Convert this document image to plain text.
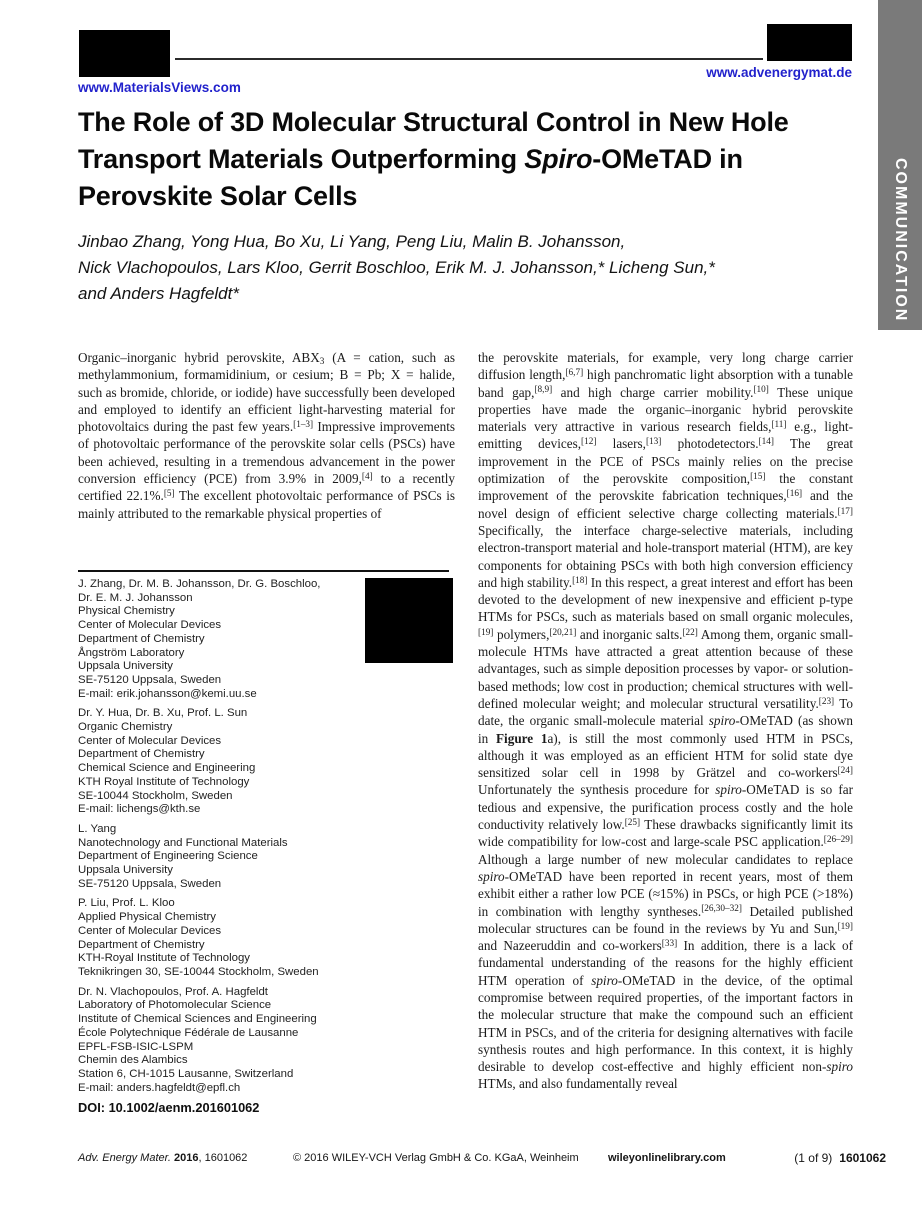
COMMUNICATION
www.MaterialsViews.com
www.advenergymat.de
The Role of 3D Molecular Structural Control in New Hole
Transport Materials Outperforming Spiro-OMeTAD in
Perovskite Solar Cells
Jinbao Zhang, Yong Hua, Bo Xu, Li Yang, Peng Liu, Malin B. Johansson,
Nick Vlachopoulos, Lars Kloo, Gerrit Boschloo, Erik M. J. Johansson,* Licheng Sun,*
and Anders Hagfeldt*
Organic–inorganic hybrid perovskite, $ABX_3$ (A = cation, such as methylammonium, formamidinium, or cesium; B = Pb; X = halide, such as bromide, chloride, or iodide) have successfully been developed and employed to identify an efficient light-harvesting material for photovoltaics during the past few years.[1–3] Impressive improvements of photovoltaic performance of the perovskite solar cells (PSCs) have been achieved, resulting in a tremendous advancement in the power conversion efficiency (PCE) from 3.9% in 2009,[4] to a recently certified 22.1%.[5] The excellent photovoltaic performance of PSCs is mainly attributed to the remarkable physical properties of
the perovskite materials, for example, very long charge carrier diffusion length,[6,7] high panchromatic light absorption with a tunable band gap,[8,9] and high charge carrier mobility.[10] These unique properties have made the organic–inorganic hybrid perovskite materials very attractive in various research fields,[11] e.g., light-emitting devices,[12] lasers,[13] photodetectors.[14] The great improvement in the PCE of PSCs mainly relies on the precise optimization of the perovskite composition,[15] the constant improvement of the perovskite fabrication techniques,[16] and the novel design of efficient selective charge collecting materials.[17] Specifically, the interface charge-selective materials, including electron-transport material and hole-transport material (HTM), are key components for obtaining PSCs with both high conversion efficiency and high stability.[18] In this respect, a great interest and effort has been devoted to the development of new inexpensive and efficient p-type HTMs for PSCs, such as materials based on small organic molecules,[19] polymers,[20,21] and inorganic salts.[22] Among them, organic small-molecule HTMs have attracted a great attention because of these advantages, such as simple deposition processes by vapor- or solution-based methods; low cost in production; chemical structures with well-defined molecular weight; and molecular structural versatility.[23] To date, the organic small-molecule material spiro-OMeTAD (as shown in Figure 1a), is still the most commonly used HTM in PSCs, although it was employed as an efficient HTM for solid state dye sensitized solar cell in 1998 by Grätzel and co-workers[24] Unfortunately the synthesis procedure for spiro-OMeTAD is so far tedious and expensive, the purification process costly and the hole conductivity relatively low.[25] These drawbacks significantly limit its wide compatibility for low-cost and large-scale PSC application.[26–29] Although a large number of new molecular candidates to replace spiro-OMeTAD have been reported in recent years, most of them exhibit either a rather low PCE (≈15%) in PSCs, or high PCE (>18%) in combination with lengthy syntheses.[26,30–32] Detailed published molecular structures can be found in the reviews by Yu and Sun,[19] and Nazeeruddin and co-workers[33] In addition, there is a lack of fundamental understanding of the reasons for the highly efficient HTM operation of spiro-OMeTAD in the device, of the optimal compromise between required properties, of the important factors in the molecular structure that make the compound such an efficient HTM in PSCs, and of the criteria for designing alternatives with facile synthesis routes and high performance. In this context, it is highly desirable to develop cost-effective and highly efficient non-spiro HTMs, and also fundamentally reveal
J. Zhang, Dr. M. B. Johansson, Dr. G. Boschloo,
Dr. E. M. J. Johansson
Physical Chemistry
Center of Molecular Devices
Department of Chemistry
Ångström Laboratory
Uppsala University
SE-75120 Uppsala, Sweden
E-mail: erik.johansson@kemi.uu.se
Dr. Y. Hua, Dr. B. Xu, Prof. L. Sun
Organic Chemistry
Center of Molecular Devices
Department of Chemistry
Chemical Science and Engineering
KTH Royal Institute of Technology
SE-10044 Stockholm, Sweden
E-mail: lichengs@kth.se
L. Yang
Nanotechnology and Functional Materials
Department of Engineering Science
Uppsala University
SE-75120 Uppsala, Sweden
P. Liu, Prof. L. Kloo
Applied Physical Chemistry
Center of Molecular Devices
Department of Chemistry
KTH-Royal Institute of Technology
Teknikringen 30, SE-10044 Stockholm, Sweden
Dr. N. Vlachopoulos, Prof. A. Hagfeldt
Laboratory of Photomolecular Science
Institute of Chemical Sciences and Engineering
École Polytechnique Fédérale de Lausanne
EPFL-FSB-ISIC-LSPM
Chemin des Alambics
Station 6, CH-1015 Lausanne, Switzerland
E-mail: anders.hagfeldt@epfl.ch
DOI: 10.1002/aenm.201601062
Adv. Energy Mater. 2016, 1601062	© 2016 WILEY-VCH Verlag GmbH & Co. KGaA, Weinheim	wileyonlinelibrary.com	(1 of 9) 1601062
